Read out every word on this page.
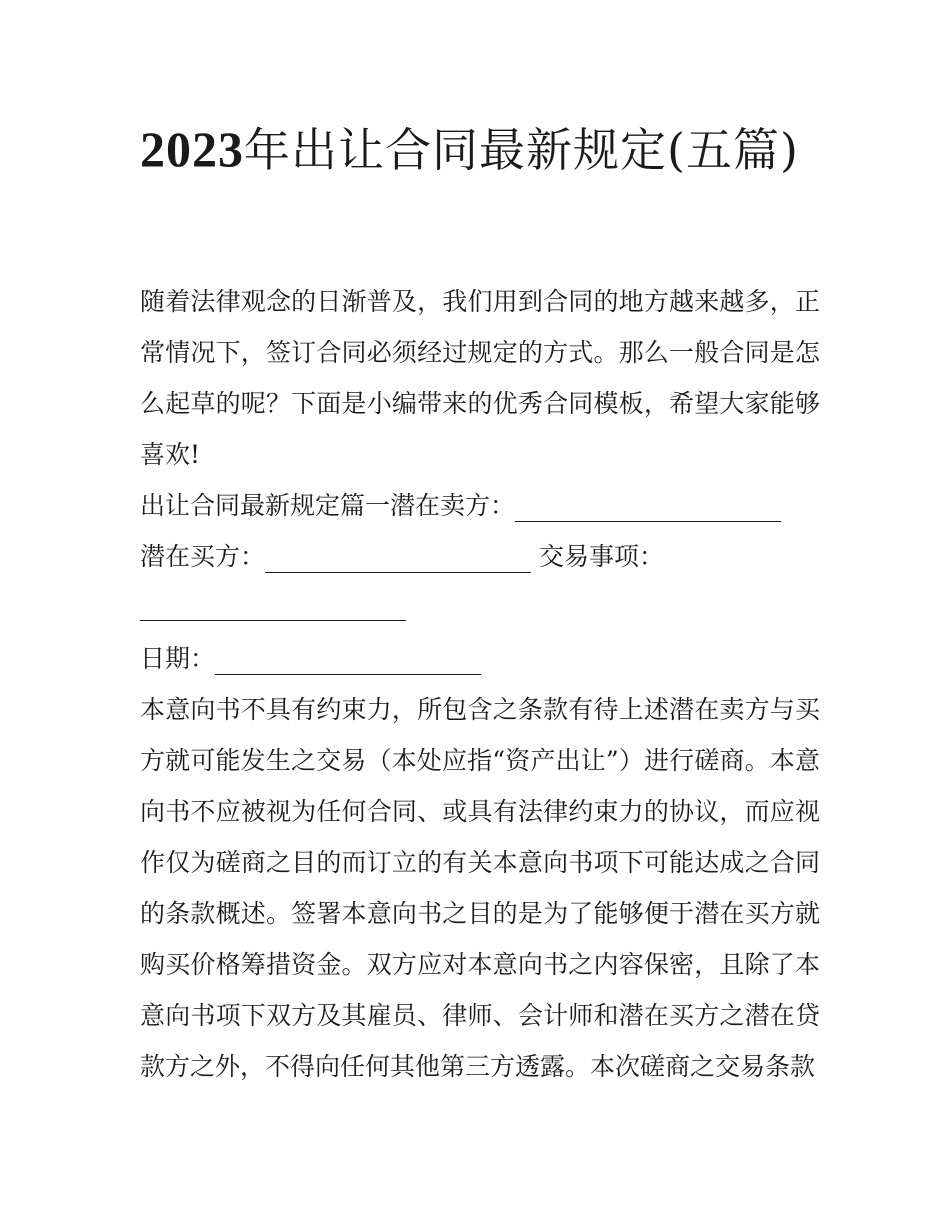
2023年出让合同最新规定(五篇)

随着法律观念的日渐普及，我们用到合同的地方越来越多，正常情况下，签订合同必须经过规定的方式。那么一般合同是怎么起草的呢？下面是小编带来的优秀合同模板，希望大家能够喜欢!

出让合同最新规定篇一潜在卖方：
潜在买方：	交易事项：
日期：

本意向书不具有约束力，所包含之条款有待上述潜在卖方与买方就可能发生之交易（本处应指“资产出让”）进行磋商。本意向书不应被视为任何合同、或具有法律约束力的协议，而应视作仅为磋商之目的而订立的有关本意向书项下可能达成之合同的条款概述。签署本意向书之目的是为了能够便于潜在买方就购买价格筹措资金。双方应对本意向书之内容保密，且除了本意向书项下双方及其雇员、律师、会计师和潜在买方之潜在贷款方之外，不得向任何其他第三方透露。本次磋商之交易条款
